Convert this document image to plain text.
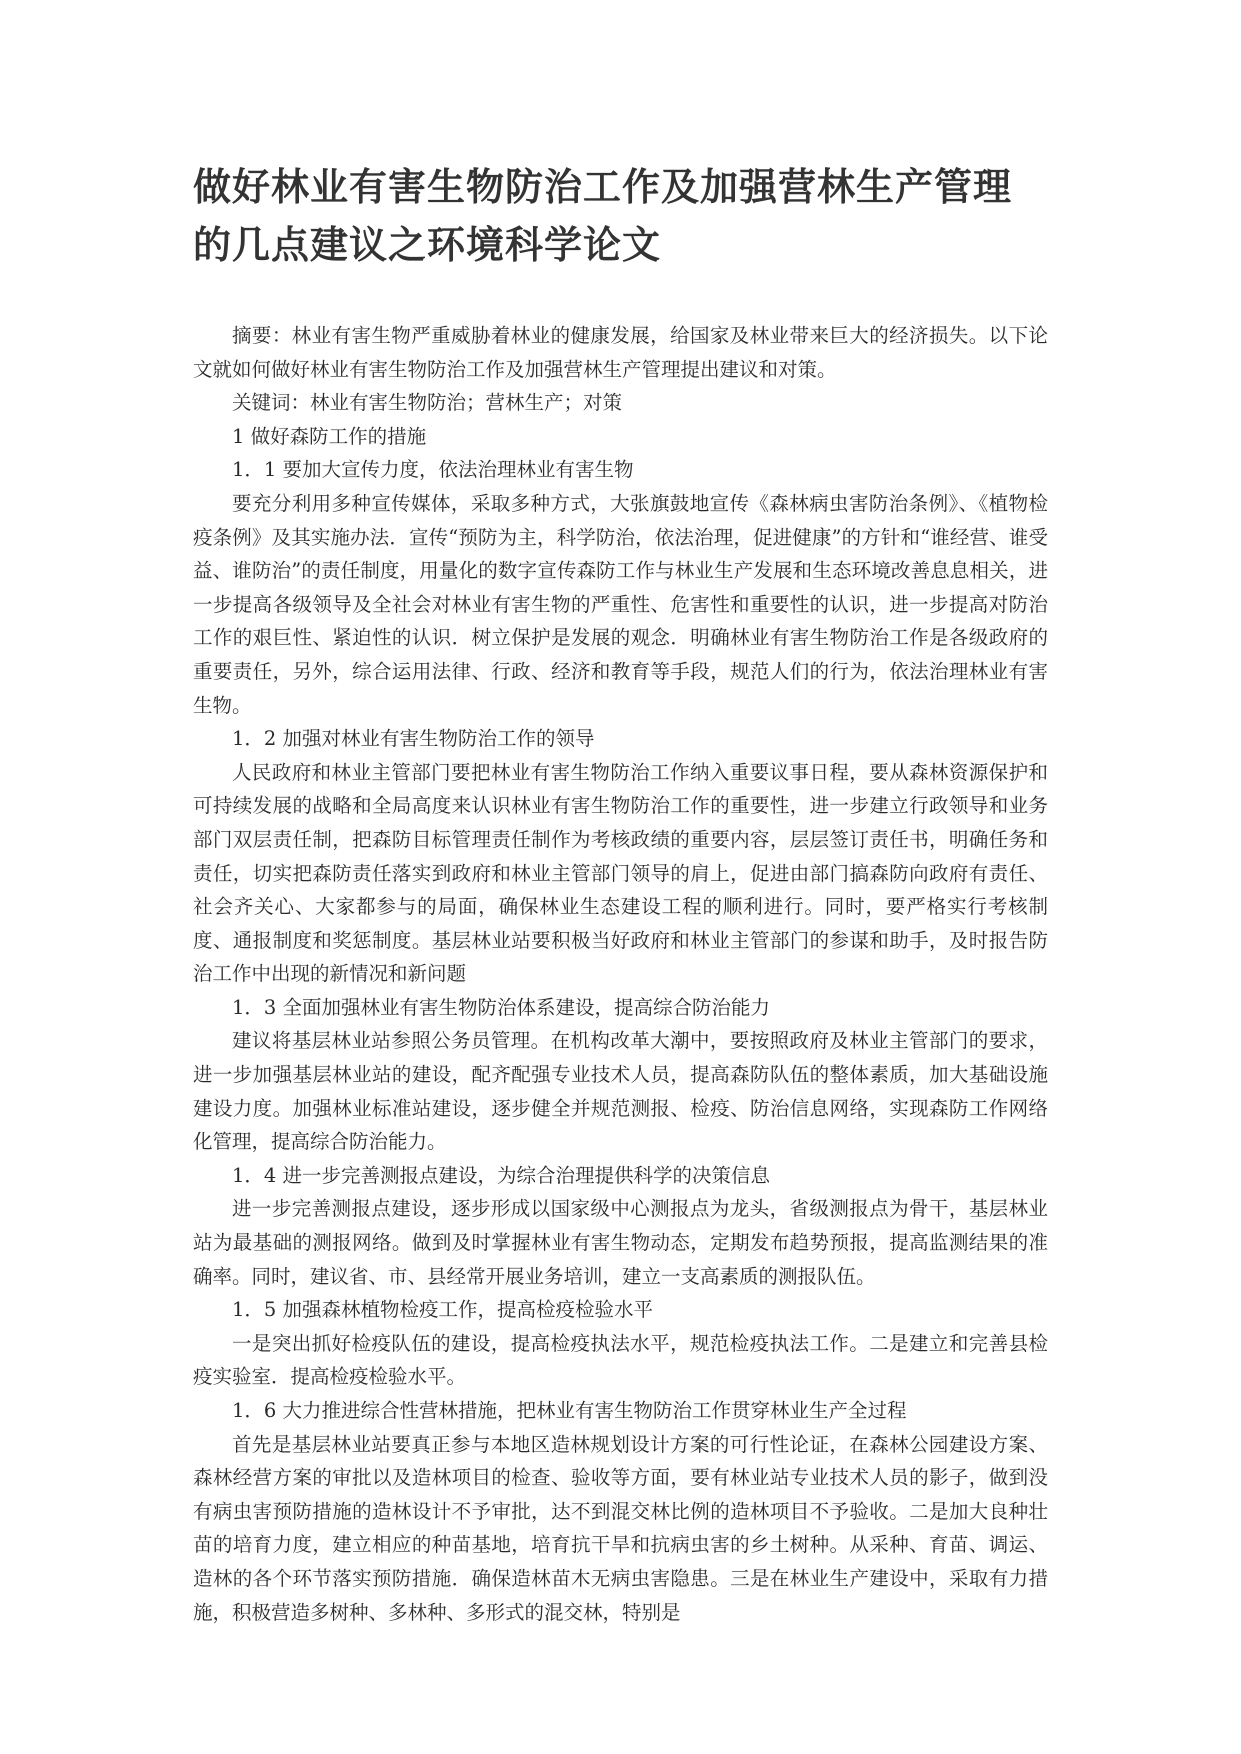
做好林业有害生物防治工作及加强营林生产管理的几点建议之环境科学论文

摘要：林业有害生物严重威胁着林业的健康发展，给国家及林业带来巨大的经济损失。以下论文就如何做好林业有害生物防治工作及加强营林生产管理提出建议和对策。

关键词：林业有害生物防治；营林生产；对策

1 做好森防工作的措施

1．1 要加大宣传力度，依法治理林业有害生物

要充分利用多种宣传媒体，采取多种方式，大张旗鼓地宣传《森林病虫害防治条例》、《植物检疫条例》及其实施办法．宣传“预防为主，科学防治，依法治理，促进健康”的方针和“谁经营、谁受益、谁防治”的责任制度，用量化的数字宣传森防工作与林业生产发展和生态环境改善息息相关，进一步提高各级领导及全社会对林业有害生物的严重性、危害性和重要性的认识，进一步提高对防治工作的艰巨性、紧迫性的认识．树立保护是发展的观念．明确林业有害生物防治工作是各级政府的重要责任，另外，综合运用法律、行政、经济和教育等手段，规范人们的行为，依法治理林业有害生物。

1．2 加强对林业有害生物防治工作的领导

人民政府和林业主管部门要把林业有害生物防治工作纳入重要议事日程，要从森林资源保护和可持续发展的战略和全局高度来认识林业有害生物防治工作的重要性，进一步建立行政领导和业务部门双层责任制，把森防目标管理责任制作为考核政绩的重要内容，层层签订责任书，明确任务和责任，切实把森防责任落实到政府和林业主管部门领导的肩上，促进由部门搞森防向政府有责任、社会齐关心、大家都参与的局面，确保林业生态建设工程的顺利进行。同时，要严格实行考核制度、通报制度和奖惩制度。基层林业站要积极当好政府和林业主管部门的参谋和助手，及时报告防治工作中出现的新情况和新问题

1．3 全面加强林业有害生物防治体系建设，提高综合防治能力

建议将基层林业站参照公务员管理。在机构改革大潮中，要按照政府及林业主管部门的要求，进一步加强基层林业站的建设，配齐配强专业技术人员，提高森防队伍的整体素质，加大基础设施建设力度。加强林业标准站建设，逐步健全并规范测报、检疫、防治信息网络，实现森防工作网络化管理，提高综合防治能力。

1．4 进一步完善测报点建设，为综合治理提供科学的决策信息

进一步完善测报点建设，逐步形成以国家级中心测报点为龙头，省级测报点为骨干，基层林业站为最基础的测报网络。做到及时掌握林业有害生物动态，定期发布趋势预报，提高监测结果的准确率。同时，建议省、市、县经常开展业务培训，建立一支高素质的测报队伍。

1．5 加强森林植物检疫工作，提高检疫检验水平

一是突出抓好检疫队伍的建设，提高检疫执法水平，规范检疫执法工作。二是建立和完善县检疫实验室．提高检疫检验水平。

1．6 大力推进综合性营林措施，把林业有害生物防治工作贯穿林业生产全过程

首先是基层林业站要真正参与本地区造林规划设计方案的可行性论证，在森林公园建设方案、森林经营方案的审批以及造林项目的检查、验收等方面，要有林业站专业技术人员的影子，做到没有病虫害预防措施的造林设计不予审批，达不到混交林比例的造林项目不予验收。二是加大良种壮苗的培育力度，建立相应的种苗基地，培育抗干旱和抗病虫害的乡土树种。从采种、育苗、调运、造林的各个环节落实预防措施．确保造林苗木无病虫害隐患。三是在林业生产建设中，采取有力措施，积极营造多树种、多林种、多形式的混交林，特别是
